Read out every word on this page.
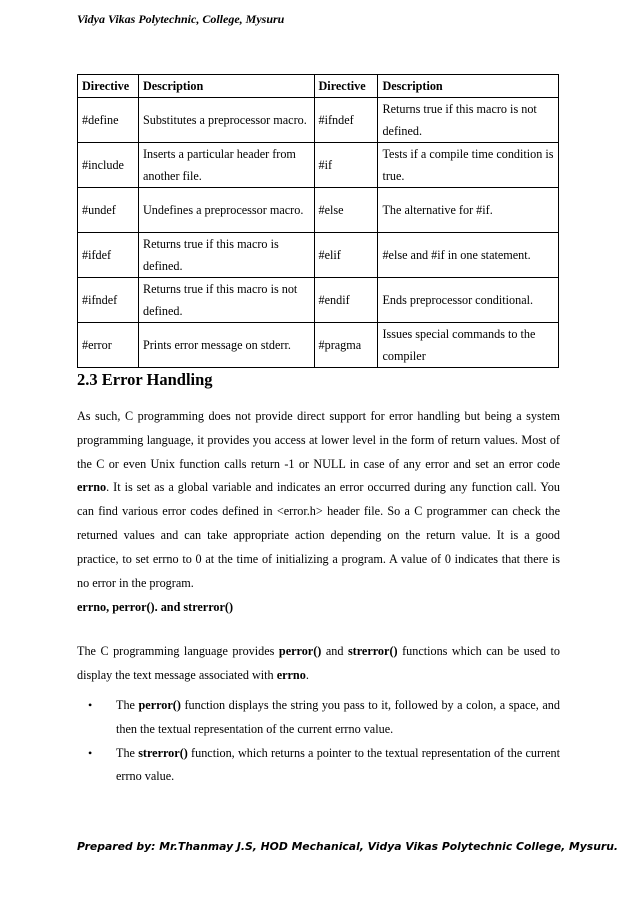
Vidya Vikas Polytechnic, College, Mysuru
Directive	Description	Directive	Description
#define	Substitutes a preprocessor macro.	#ifndef	Returns true if this macro is not defined.
#include	Inserts a particular header from another file.	#if	Tests if a compile time condition is true.
#undef	Undefines a preprocessor macro.	#else	The alternative for #if.
#ifdef	Returns true if this macro is defined.	#elif	#else and #if in one statement.
#ifndef	Returns true if this macro is not defined.	#endif	Ends preprocessor conditional.
#error	Prints error message on stderr.	#pragma	Issues special commands to the compiler
2.3 Error Handling
As such, C programming does not provide direct support for error handling but being a system programming language, it provides you access at lower level in the form of return values. Most of the C or even Unix function calls return -1 or NULL in case of any error and set an error code errno. It is set as a global variable and indicates an error occurred during any function call. You can find various error codes defined in <error.h> header file. So a C programmer can check the returned values and can take appropriate action depending on the return value. It is a good practice, to set errno to 0 at the time of initializing a program. A value of 0 indicates that there is no error in the program.
errno, perror(). and strerror()
The C programming language provides perror() and strerror() functions which can be used to display the text message associated with errno.
• The perror() function displays the string you pass to it, followed by a colon, a space, and then the textual representation of the current errno value.
• The strerror() function, which returns a pointer to the textual representation of the current errno value.
Prepared by: Mr.Thanmay J.S, HOD Mechanical, Vidya Vikas Polytechnic College, Mysuru.
